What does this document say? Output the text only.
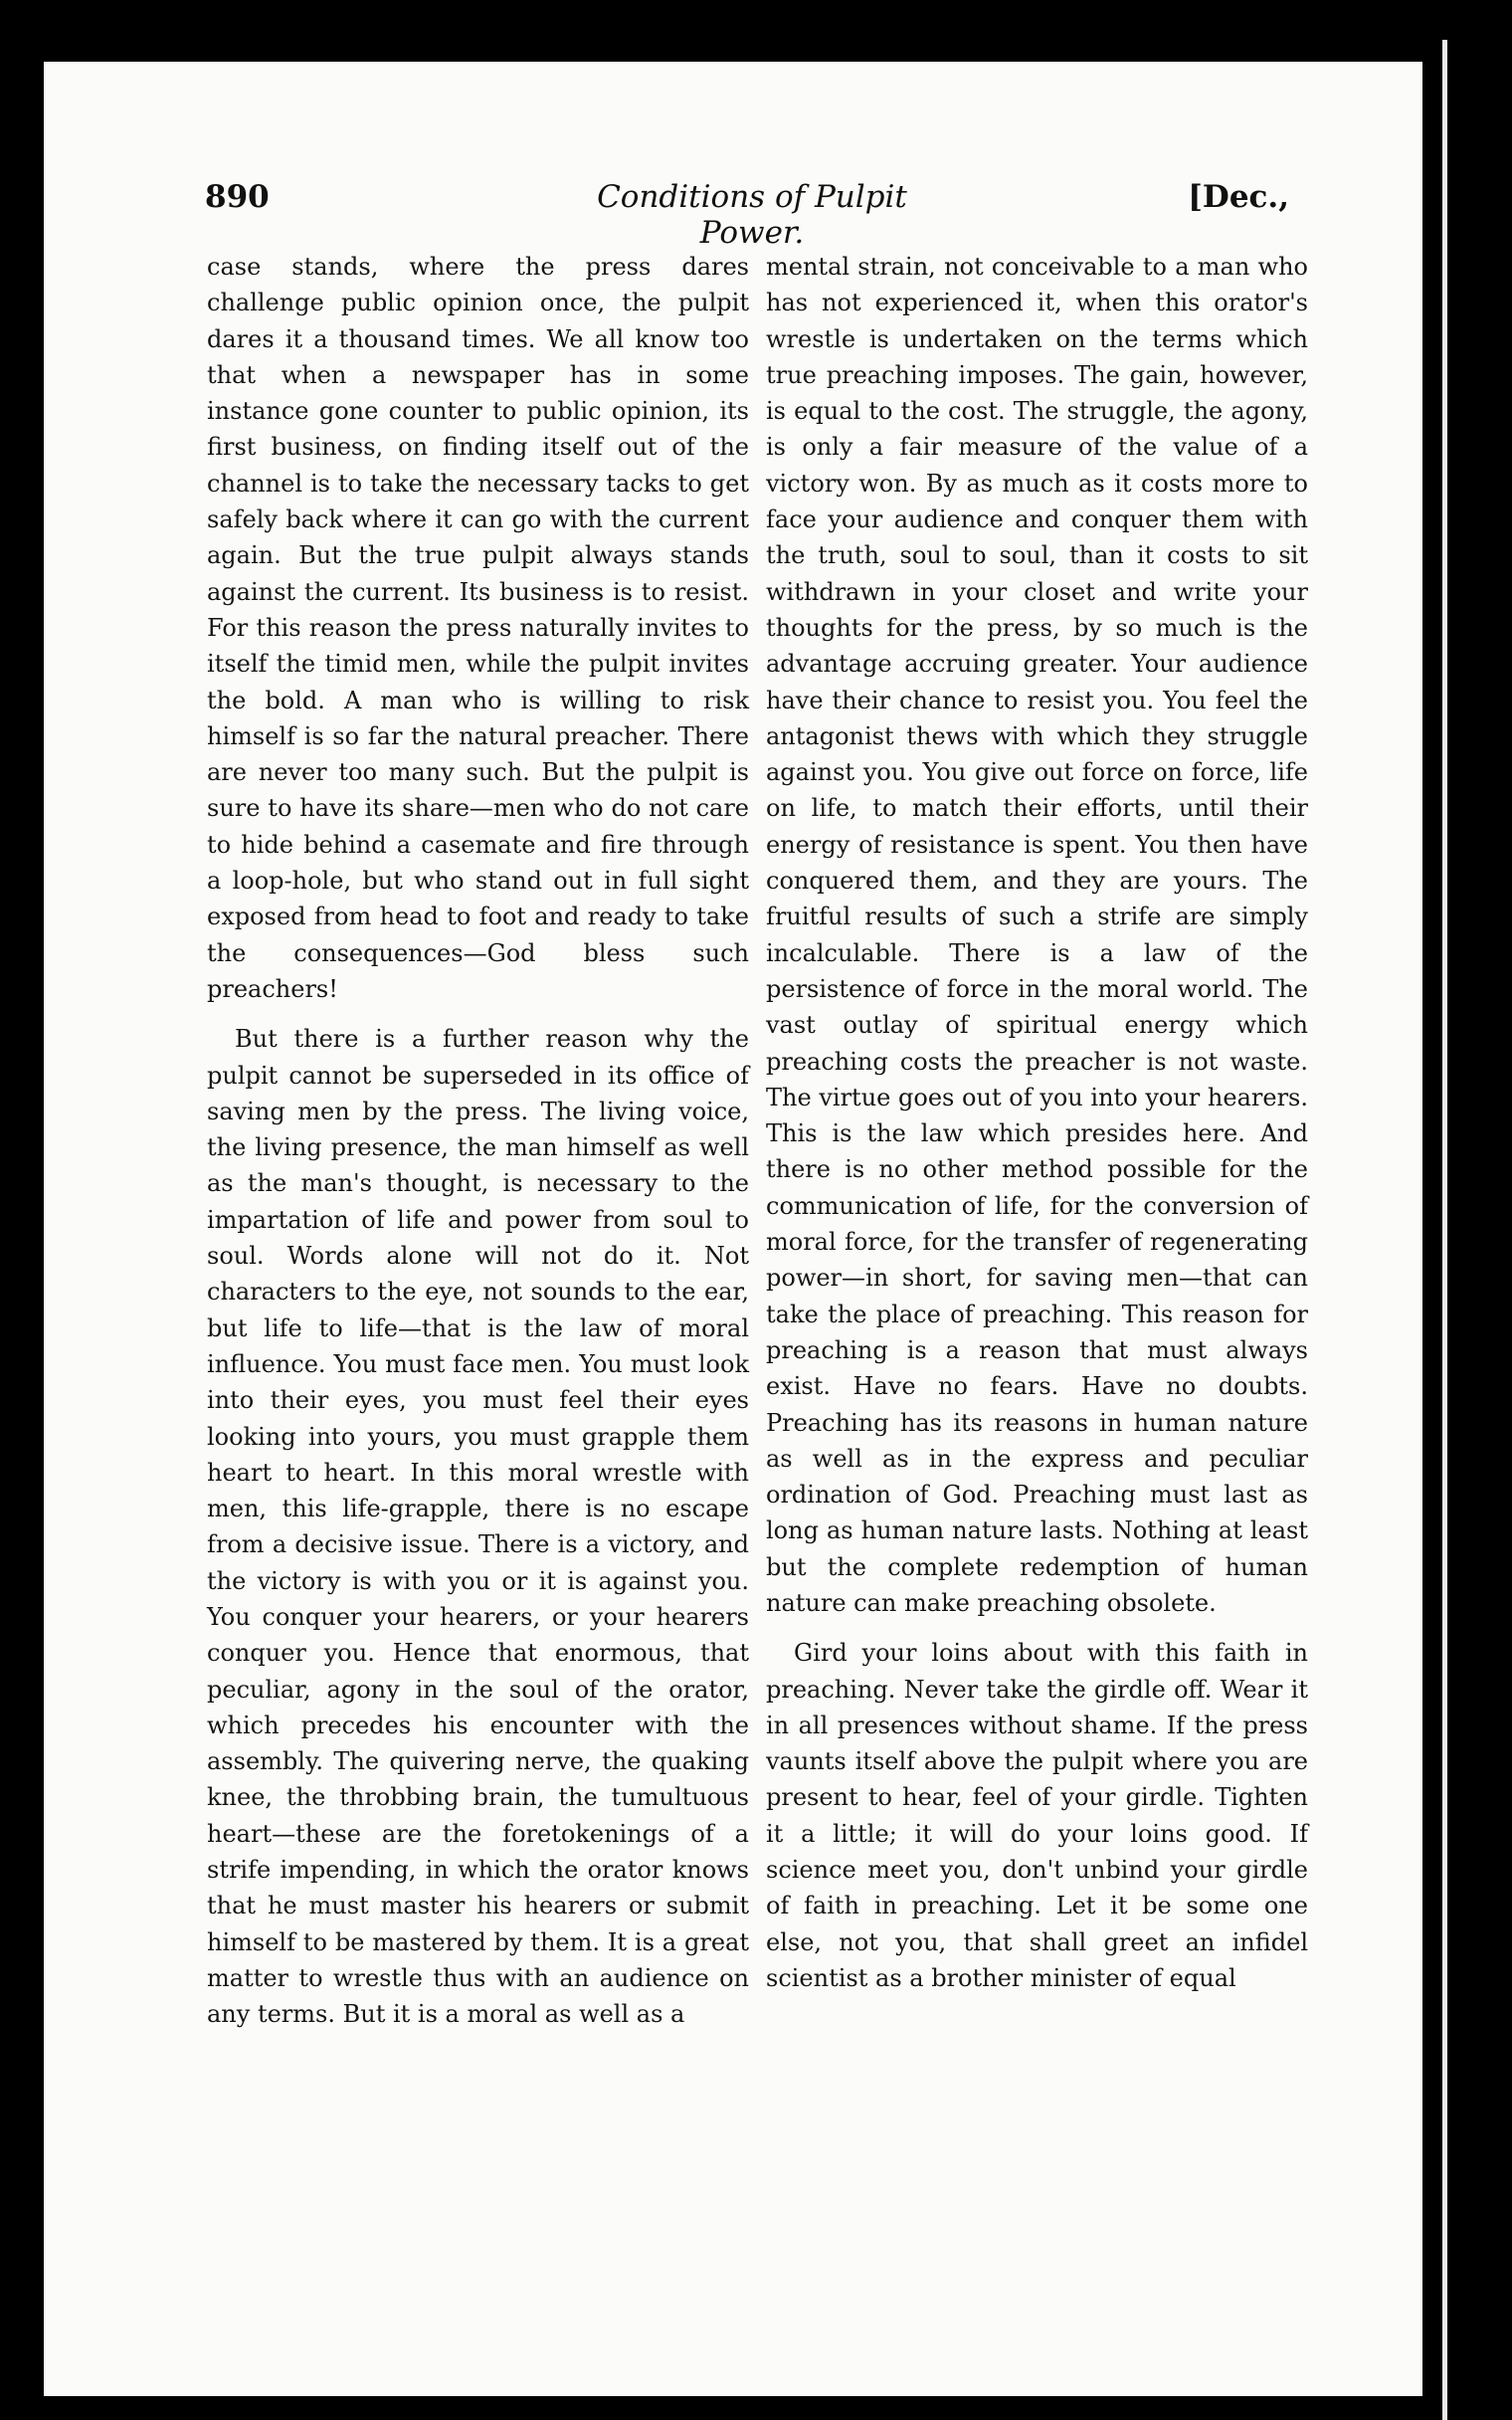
890	Conditions of Pulpit Power.
[Dec.,

case stands, where the press dares challenge public opinion once, the pulpit dares it a thousand times. We all know too that when a newspaper has in some instance gone counter to public opinion, its first business, on finding itself out of the channel is to take the necessary tacks to get safely back where it can go with the current again. But the true pulpit always stands against the current. Its business is to resist. For this reason the press naturally invites to itself the timid men, while the pulpit invites the bold. A man who is willing to risk himself is so far the natural preacher. There are never too many such. But the pulpit is sure to have its share—men who do not care to hide behind a casemate and fire through a loop-hole, but who stand out in full sight exposed from head to foot and ready to take the consequences—God bless such preachers!

But there is a further reason why the pulpit cannot be superseded in its office of saving men by the press. The living voice, the living presence, the man himself as well as the man's thought, is necessary to the impartation of life and power from soul to soul. Words alone will not do it. Not characters to the eye, not sounds to the ear, but life to life—that is the law of moral influence. You must face men. You must look into their eyes, you must feel their eyes looking into yours, you must grapple them heart to heart. In this moral wrestle with men, this life-grapple, there is no escape from a decisive issue. There is a victory, and the victory is with you or it is against you. You conquer your hearers, or your hearers conquer you. Hence that enormous, that peculiar, agony in the soul of the orator, which precedes his encounter with the assembly. The quivering nerve, the quaking knee, the throbbing brain, the tumultuous heart—these are the foretokenings of a strife impending, in which the orator knows that he must master his hearers or submit himself to be mastered by them. It is a great matter to wrestle thus with an audience on any terms. But it is a moral as well as a

mental strain, not conceivable to a man who has not experienced it, when this orator's wrestle is undertaken on the terms which true preaching imposes. The gain, however, is equal to the cost. The struggle, the agony, is only a fair measure of the value of a victory won. By as much as it costs more to face your audience and conquer them with the truth, soul to soul, than it costs to sit withdrawn in your closet and write your thoughts for the press, by so much is the advantage accruing greater. Your audience have their chance to resist you. You feel the antagonist thews with which they struggle against you. You give out force on force, life on life, to match their efforts, until their energy of resistance is spent. You then have conquered them, and they are yours. The fruitful results of such a strife are simply incalculable. There is a law of the persistence of force in the moral world. The vast outlay of spiritual energy which preaching costs the preacher is not waste. The virtue goes out of you into your hearers. This is the law which presides here. And there is no other method possible for the communication of life, for the conversion of moral force, for the transfer of regenerating power—in short, for saving men—that can take the place of preaching. This reason for preaching is a reason that must always exist. Have no fears. Have no doubts. Preaching has its reasons in human nature as well as in the express and peculiar ordination of God. Preaching must last as long as human nature lasts. Nothing at least but the complete redemption of human nature can make preaching obsolete.

Gird your loins about with this faith in preaching. Never take the girdle off. Wear it in all presences without shame. If the press vaunts itself above the pulpit where you are present to hear, feel of your girdle. Tighten it a little; it will do your loins good. If science meet you, don't unbind your girdle of faith in preaching. Let it be some one else, not you, that shall greet an infidel scientist as a brother minister of equal
